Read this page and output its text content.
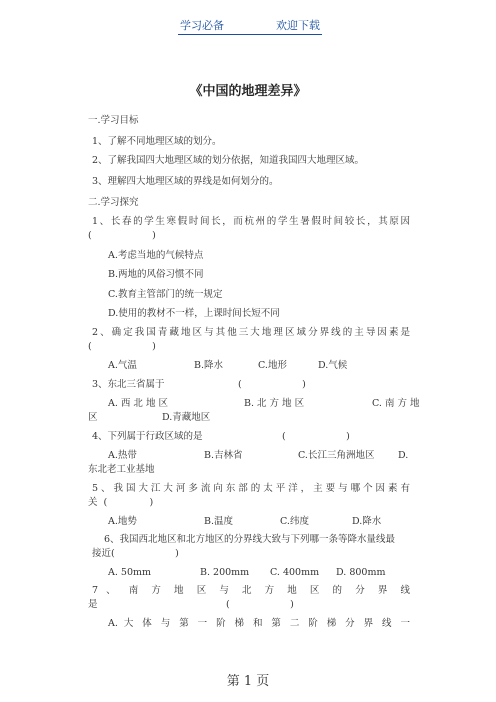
学习必备	欢迎下载
《中国的地理差异》
一.学习目标
1、了解不同地理区域的划分。
2、了解我国四大地理区域的划分依据，知道我国四大地理区域。
3、理解四大地理区域的界线是如何划分的。
二.学习探究
1、长春的学生寒假时间长，而杭州的学生暑假时间较长，其原因
(                    )
A.考虑当地的气候特点
B.两地的风俗习惯不同
C.教育主管部门的统一规定
D.使用的教材不一样，上课时间长短不同
2、确定我国青藏地区与其他三大地理区域分界线的主导因素是
(                    )
A.气温	B.降水	C.地形	D.气候
3、东北三省属于	(                    )
A. 西 北 地 区	B. 北 方 地 区	C. 南 方 地
区	D.青藏地区
4、下列属于行政区域的是	(                    )
A.热带	B.吉林省	C.长江三角洲地区 D.
东北老工业基地
5、我国大江大河多流向东部的太平洋，主要与哪个因素有
关  (              )
A.地势	B.温度	C.纬度	D.降水
6、我国西北地区和北方地区的分界线大致与下列哪一条等降水量线最
接近(                    )
A. 50mm	B. 200mm C. 400mm D. 800mm
7 、 南 方 地 区 与 北 方 地 区 的 分 界 线
是	(                    )
A. 大 体 与 第 一 阶 梯 和 第 二 阶 梯 分 界 线 一
第 1 页
